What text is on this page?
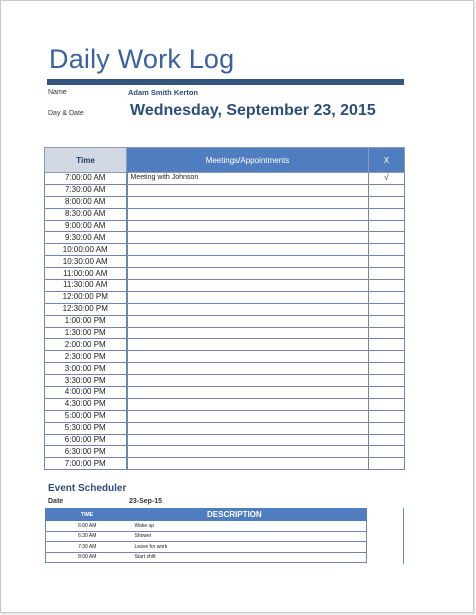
Daily Work Log
Name	Adam Smith Kerton
Day & Date	Wednesday, September 23, 2015
Time	Meetings/Appointments	X
7:00:00 AM	Meeting with Johnson	√
7:30:00 AM		
8:00:00 AM		
8:30:00 AM		
9:00:00 AM		
9:30:00 AM		
10:00:00 AM		
10:30:00 AM		
11:00:00 AM		
11:30:00 AM		
12:00:00 PM		
12:30:00 PM		
1:00:00 PM		
1:30:00 PM		
2:00:00 PM		
2:30:00 PM		
3:00:00 PM		
3:30:00 PM		
4:00:00 PM		
4:30:00 PM		
5:00:00 PM		
5:30:00 PM		
6:00:00 PM		
6:30:00 PM		
7:00:00 PM		
Event Scheduler
Date	23-Sep-15
TIME	DESCRIPTION
6:00 AM	Wake up
6:30 AM	Shower
7:30 AM	Leave for work
8:00 AM	Start shift
